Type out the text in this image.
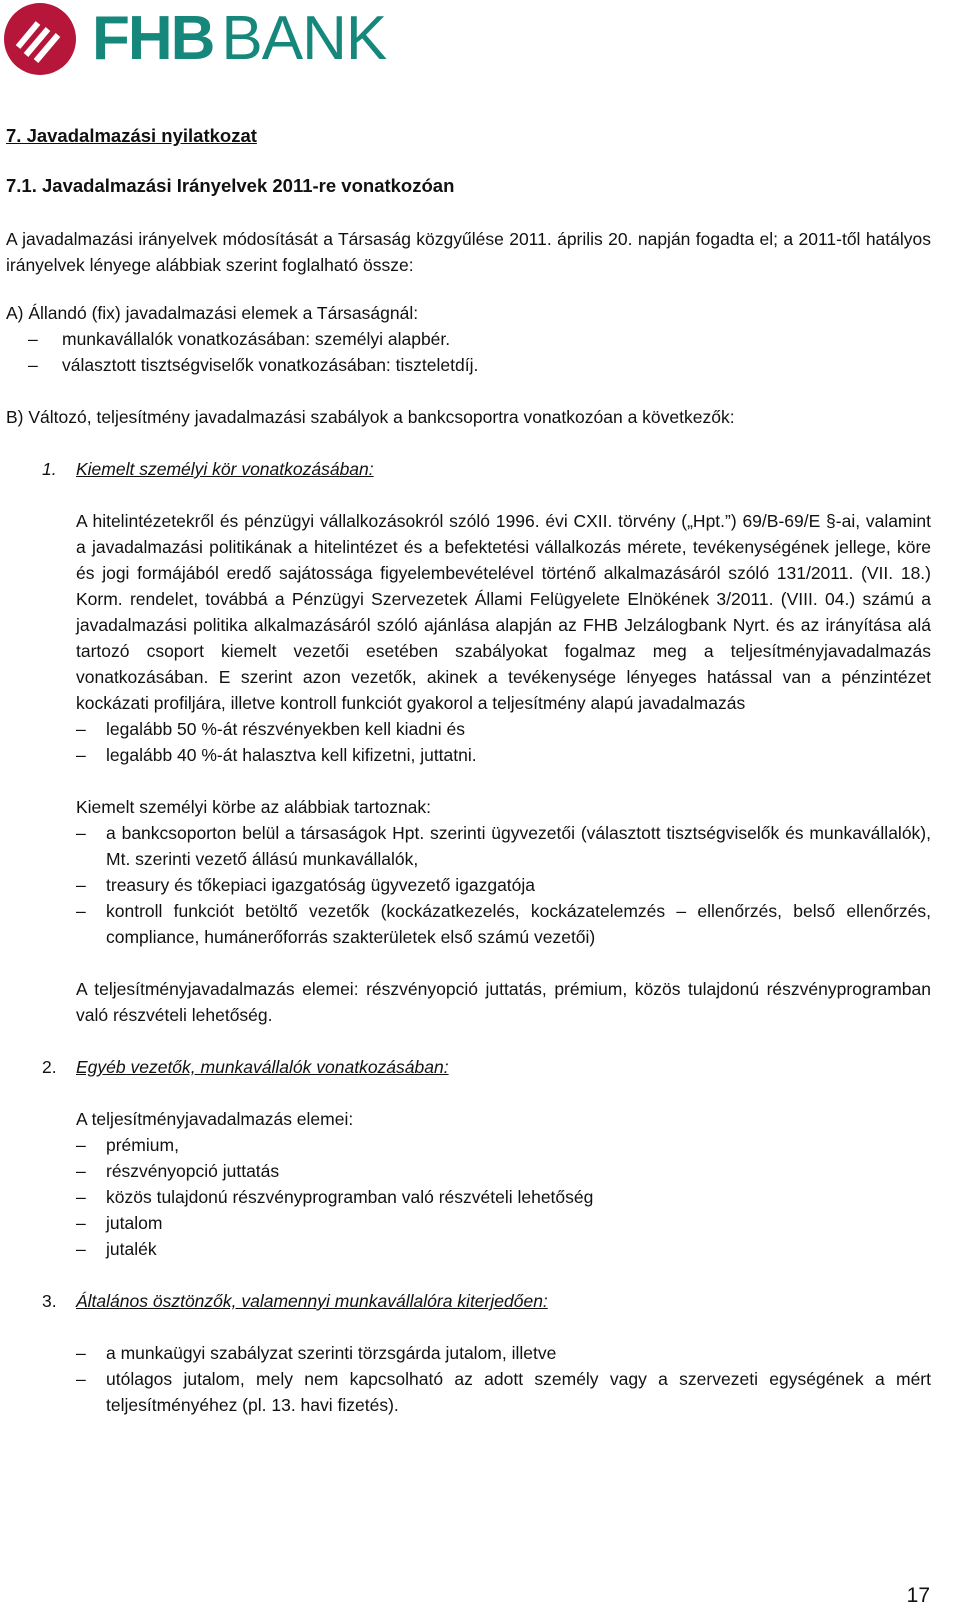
FHB BANK
7. Javadalmazási nyilatkozat
7.1. Javadalmazási Irányelvek 2011-re vonatkozóan

A javadalmazási irányelvek módosítását a Társaság közgyűlése 2011. április 20. napján fogadta el; a 2011-től hatályos irányelvek lényege alábbiak szerint foglalható össze:

A) Állandó (fix) javadalmazási elemek a Társaságnál:

– munkavállalók vonatkozásában: személyi alapbér.
– választott tisztségviselők vonatkozásában: tiszteletdíj.

B) Változó, teljesítmény javadalmazási szabályok a bankcsoportra vonatkozóan a következők:

1. Kiemelt személyi kör vonatkozásában:

A hitelintézetekről és pénzügyi vállalkozásokról szóló 1996. évi CXII. törvény („Hpt.”) 69/B-69/E §-ai, valamint a javadalmazási politikának a hitelintézet és a befektetési vállalkozás mérete, tevékenységének jellege, köre és jogi formájából eredő sajátossága figyelembevételével történő alkalmazásáról szóló 131/2011. (VII. 18.) Korm. rendelet, továbbá a Pénzügyi Szervezetek Állami Felügyelete Elnökének 3/2011. (VIII. 04.) számú a javadalmazási politika alkalmazásáról szóló ajánlása alapján az FHB Jelzálogbank Nyrt. és az irányítása alá tartozó csoport kiemelt vezetői esetében szabályokat fogalmaz meg a teljesítményjavadalmazás vonatkozásában. E szerint azon vezetők, akinek a tevékenysége lényeges hatással van a pénzintézet kockázati profiljára, illetve kontroll funkciót gyakorol a teljesítmény alapú javadalmazás

– legalább 50 %-át részvényekben kell kiadni és
– legalább 40 %-át halasztva kell kifizetni, juttatni.

Kiemelt személyi körbe az alábbiak tartoznak:

– a bankcsoporton belül a társaságok Hpt. szerinti ügyvezetői (választott tisztségviselők és munkavállalók), Mt. szerinti vezető állású munkavállalók,
– treasury és tőkepiaci igazgatóság ügyvezető igazgatója
– kontroll funkciót betöltő vezetők (kockázatkezelés, kockázatelemzés – ellenőrzés, belső ellenőrzés, compliance, humánerőforrás szakterületek első számú vezetői)

A teljesítményjavadalmazás elemei: részvényopció juttatás, prémium, közös tulajdonú részvényprogramban való részvételi lehetőség.

2. Egyéb vezetők, munkavállalók vonatkozásában:

A teljesítményjavadalmazás elemei:

– prémium,
– részvényopció juttatás
– közös tulajdonú részvényprogramban való részvételi lehetőség
– jutalom
– jutalék
3. Általános ösztönzők, valamennyi munkavállalóra kiterjedően:
– a munkaügyi szabályzat szerinti törzsgárda jutalom, illetve
– utólagos jutalom, mely nem kapcsolható az adott személy vagy a szervezeti egységének a mért teljesítményéhez (pl. 13. havi fizetés).
17
